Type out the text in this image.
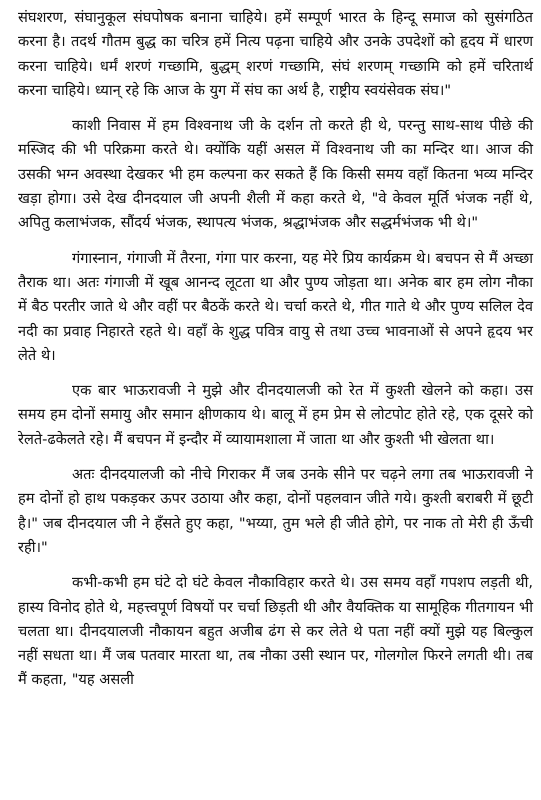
संघशरण, संघानुकूल संघपोषक बनाना चाहिये। हमें सम्पूर्ण भारत के हिन्दू समाज को सुसंगठित करना है। तदर्थ गौतम बुद्ध का चरित्र हमें नित्य पढ़ना चाहिये और उनके उपदेशों को हृदय में धारण करना चाहिये। धर्मं शरणं गच्छामि, बुद्धम् शरणं गच्छामि, संघं शरणम् गच्छामि को हमें चरितार्थ करना चाहिये। ध्यान् रहे कि आज के युग में संघ का अर्थ है, राष्ट्रीय स्वयंसेवक संघ।"

काशी निवास में हम विश्वनाथ जी के दर्शन तो करते ही थे, परन्तु साथ-साथ पीछे की मस्जिद की भी परिक्रमा करते थे। क्योंकि यहीं असल में विश्वनाथ जी का मन्दिर था। आज की उसकी भग्न अवस्था देखकर भी हम कल्पना कर सकते हैं कि किसी समय वहाँ कितना भव्य मन्दिर खड़ा होगा। उसे देख दीनदयाल जी अपनी शैली में कहा करते थे, "वे केवल मूर्ति भंजक नहीं थे, अपितु कलाभंजक, सौंदर्य भंजक, स्थापत्य भंजक, श्रद्धाभंजक और सद्धर्मभंजक भी थे।"

गंगास्नान, गंगाजी में तैरना, गंगा पार करना, यह मेरे प्रिय कार्यक्रम थे। बचपन से मैं अच्छा तैराक था। अतः गंगाजी में खूब आनन्द लूटता था और पुण्य जोड़ता था। अनेक बार हम लोग नौका में बैठ परतीर जाते थे और वहीं पर बैठकें करते थे। चर्चा करते थे, गीत गाते थे और पुण्य सलिल देव नदी का प्रवाह निहारते रहते थे। वहाँ के शुद्ध पवित्र वायु से तथा उच्च भावनाओं से अपने हृदय भर लेते थे।

एक बार भाऊरावजी ने मुझे और दीनदयालजी को रेत में कुश्ती खेलने को कहा। उस समय हम दोनों समायु और समान क्षीणकाय थे। बालू में हम प्रेम से लोटपोट होते रहे, एक दूसरे को रेलते-ढकेलते रहे। मैं बचपन में इन्दौर में व्यायामशाला में जाता था और कुश्ती भी खेलता था।

अतः दीनदयालजी को नीचे गिराकर मैं जब उनके सीने पर चढ़ने लगा तब भाऊरावजी ने हम दोनों हो हाथ पकड़कर ऊपर उठाया और कहा, दोनों पहलवान जीते गये। कुश्ती बराबरी में छूटी है।" जब दीनदयाल जी ने हँसते हुए कहा, "भय्या, तुम भले ही जीते होगे, पर नाक तो मेरी ही ऊँची रही।"

कभी-कभी हम घंटे दो घंटे केवल नौकाविहार करते थे। उस समय वहाँ गपशप लड़ती थी, हास्य विनोद होते थे, महत्त्वपूर्ण विषयों पर चर्चा छिड़ती थी और वैयक्तिक या सामूहिक गीतगायन भी चलता था। दीनदयालजी नौकायन बहुत अजीब ढंग से कर लेते थे पता नहीं क्यों मुझे यह बिल्कुल नहीं सधता था। मैं जब पतवार मारता था, तब नौका उसी स्थान पर, गोलगोल फिरने लगती थी। तब मैं कहता, "यह असली
